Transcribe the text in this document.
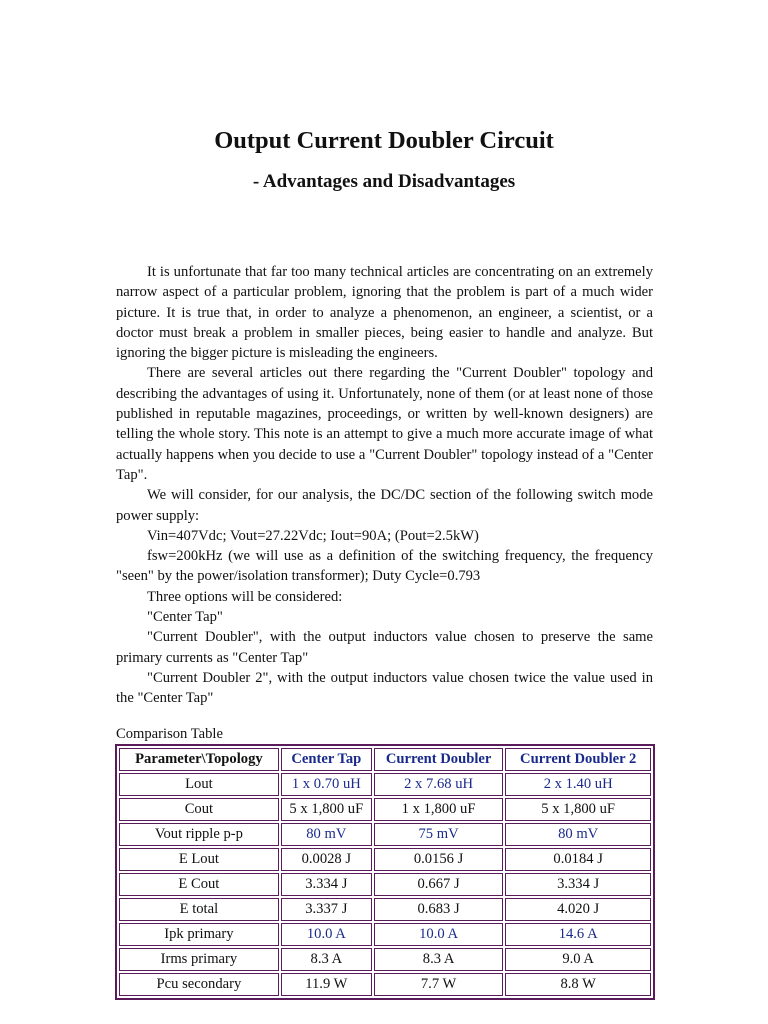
Output Current Doubler Circuit
- Advantages and Disadvantages

It is unfortunate that far too many technical articles are concentrating on an extremely narrow aspect of a particular problem, ignoring that the problem is part of a much wider picture. It is true that, in order to analyze a phenomenon, an engineer, a scientist, or a doctor must break a problem in smaller pieces, being easier to handle and analyze. But ignoring the bigger picture is misleading the engineers.

There are several articles out there regarding the "Current Doubler" topology and describing the advantages of using it. Unfortunately, none of them (or at least none of those published in reputable magazines, proceedings, or written by well-known designers) are telling the whole story. This note is an attempt to give a much more accurate image of what actually happens when you decide to use a "Current Doubler" topology instead of a "Center Tap".

We will consider, for our analysis, the DC/DC section of the following switch mode power supply:

Vin=407Vdc; Vout=27.22Vdc; Iout=90A; (Pout=2.5kW)

fsw=200kHz (we will use as a definition of the switching frequency, the frequency "seen" by the power/isolation transformer); Duty Cycle=0.793

Three options will be considered:

"Center Tap"

"Current Doubler", with the output inductors value chosen to preserve the same primary currents as "Center Tap"

"Current Doubler 2", with the output inductors value chosen twice the value used in the "Center Tap"

Comparison Table

Parameter\Topology	Center Tap	Current Doubler	Current Doubler 2
Lout	1 x 0.70 uH	2 x 7.68 uH	2 x 1.40 uH
Cout	5 x 1,800 uF	1 x 1,800 uF	5 x 1,800 uF
Vout ripple p-p	80 mV	75 mV	80 mV
E Lout	0.0028 J	0.0156 J	0.0184 J
E Cout	3.334 J	0.667 J	3.334 J
E total	3.337 J	0.683 J	4.020 J
Ipk primary	10.0 A	10.0 A	14.6 A
Irms primary	8.3 A	8.3 A	9.0 A
Pcu secondary	11.9 W	7.7 W	8.8 W
